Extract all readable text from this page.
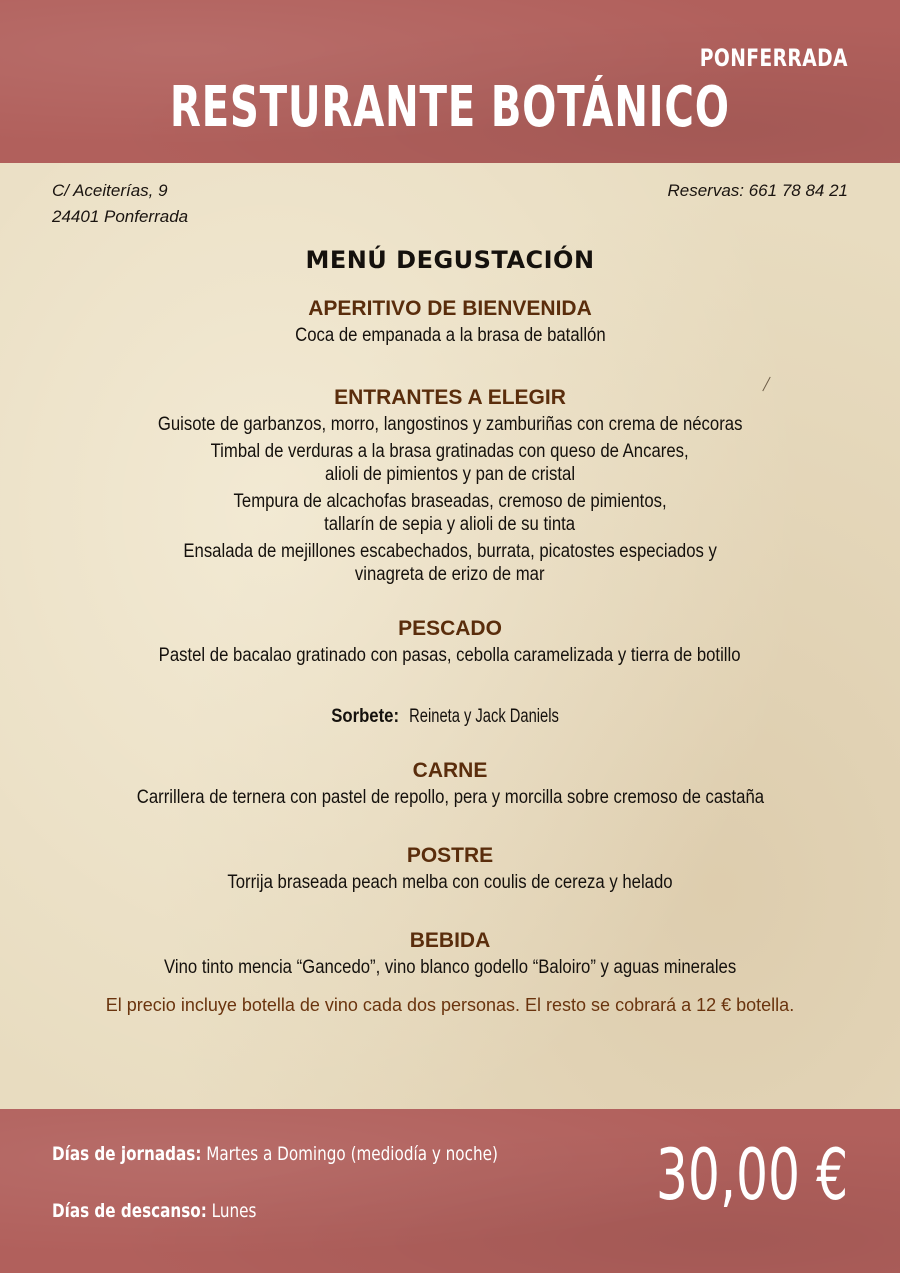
PONFERRADA
RESTURANTE BOTÁNICO
C/ Aceiterías, 9
24401 Ponferrada
Reservas: 661 78 84 21
MENÚ DEGUSTACIÓN

APERITIVO DE BIENVENIDA

Coca de empanada a la brasa de batallón

ENTRANTES A ELEGIR

Guisote de garbanzos, morro, langostinos y zamburiñas con crema de nécoras

Timbal de verduras a la brasa gratinadas con queso de Ancares,
alioli de pimientos y pan de cristal

Tempura de alcachofas braseadas, cremoso de pimientos,
tallarín de sepia y alioli de su tinta

Ensalada de mejillones escabechados, burrata, picatostes especiados y
vinagreta de erizo de mar

PESCADO

Pastel de bacalao gratinado con pasas, cebolla caramelizada y tierra de botillo

Sorbete:Reineta y Jack Daniels

CARNE

Carrillera de ternera con pastel de repollo, pera y morcilla sobre cremoso de castaña

POSTRE

Torrija braseada peach melba con coulis de cereza y helado

BEBIDA

Vino tinto mencia “Gancedo”, vino blanco godello “Baloiro” y aguas minerales

El precio incluye botella de vino cada dos personas. El resto se cobrará a 12 € botella.
Días de jornadas: Martes a Domingo (mediodía y noche)
Días de descanso: Lunes	30,00 €
